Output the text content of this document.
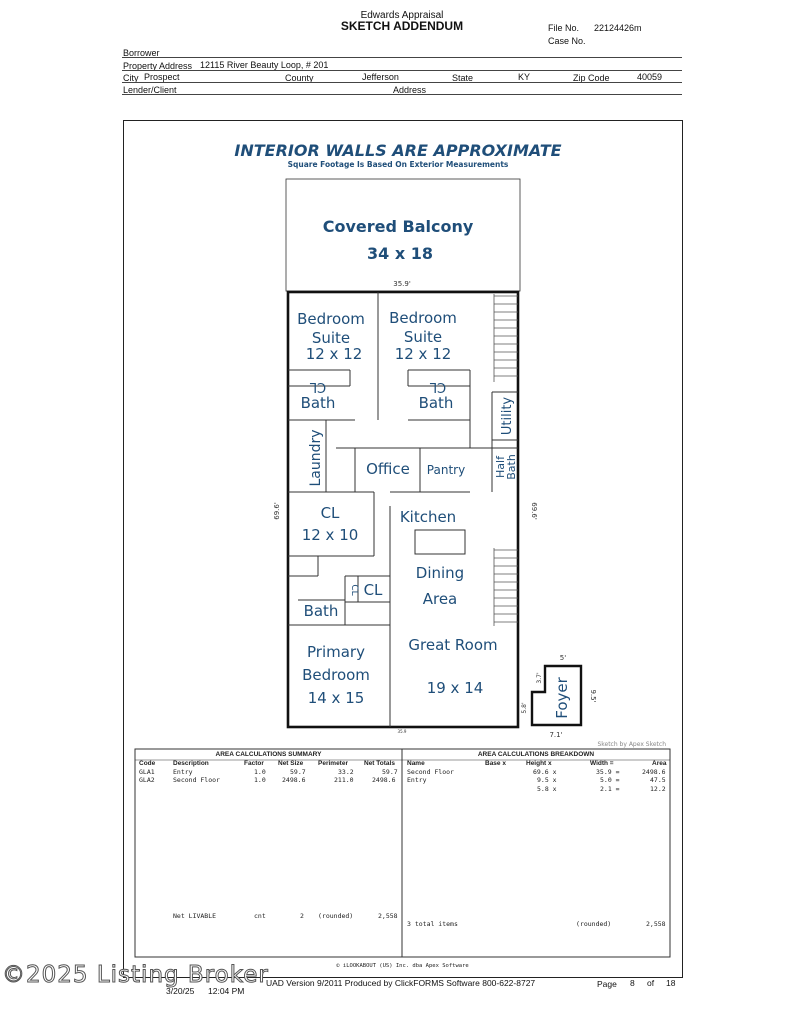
Edwards Appraisal
SKETCH ADDENDUM	File No. 22124426m
Case No.
Borrower
Property Address 12115 River Beauty Loop, # 201
City Prospect	County	Jefferson	State	KY	Zip Code	40059
Lender/Client	Address
INTERIOR WALLS ARE APPROXIMATE
Square Footage Is Based On Exterior Measurements
Covered Balcony
34 x 18
35.9'
Bedroom
Suite
12 x 12
Bedroom
Suite
12 x 12
CL	CL
Bath	Bath	Utility
Laundry	Office Pantry	Half
Bath
CL
12 x 10
Kitchen
CL CL
Dining
Area
Bath
Primary
Bedroom
14 x 15
Great Room
19 x 14
69.6'	69.6'
35.9
Foyer
5'
9.5'
7.1'
5.8'
3.7'
Sketch by Apex Sketch
AREA CALCULATIONS SUMMARY
Code	Description	Factor Net Size Perimeter Net Totals
GLA1	Entry	1.0	59.7	33.2	59.7
GLA2	Second Floor	1.0	2498.6	211.0	2498.6
Net LIVABLE	cnt	2 (rounded)	2,558
AREA CALCULATIONS BREAKDOWN
Name	Base x	Height x	Width =	Area
Second Floor	69.6 x	35.9 =	2498.6
Entry	9.5 x	5.0 =	47.5
5.8 x	2.1 =	12.2
3 total items	(rounded)	2,558
© iLOOKABOUT (US) Inc. dba Apex Software
3/20/25 12:04 PM
UAD Version 9/2011 Produced by ClickFORMS Software 800-622-8727	Page 8 of 18
©2025 Listing Broker
